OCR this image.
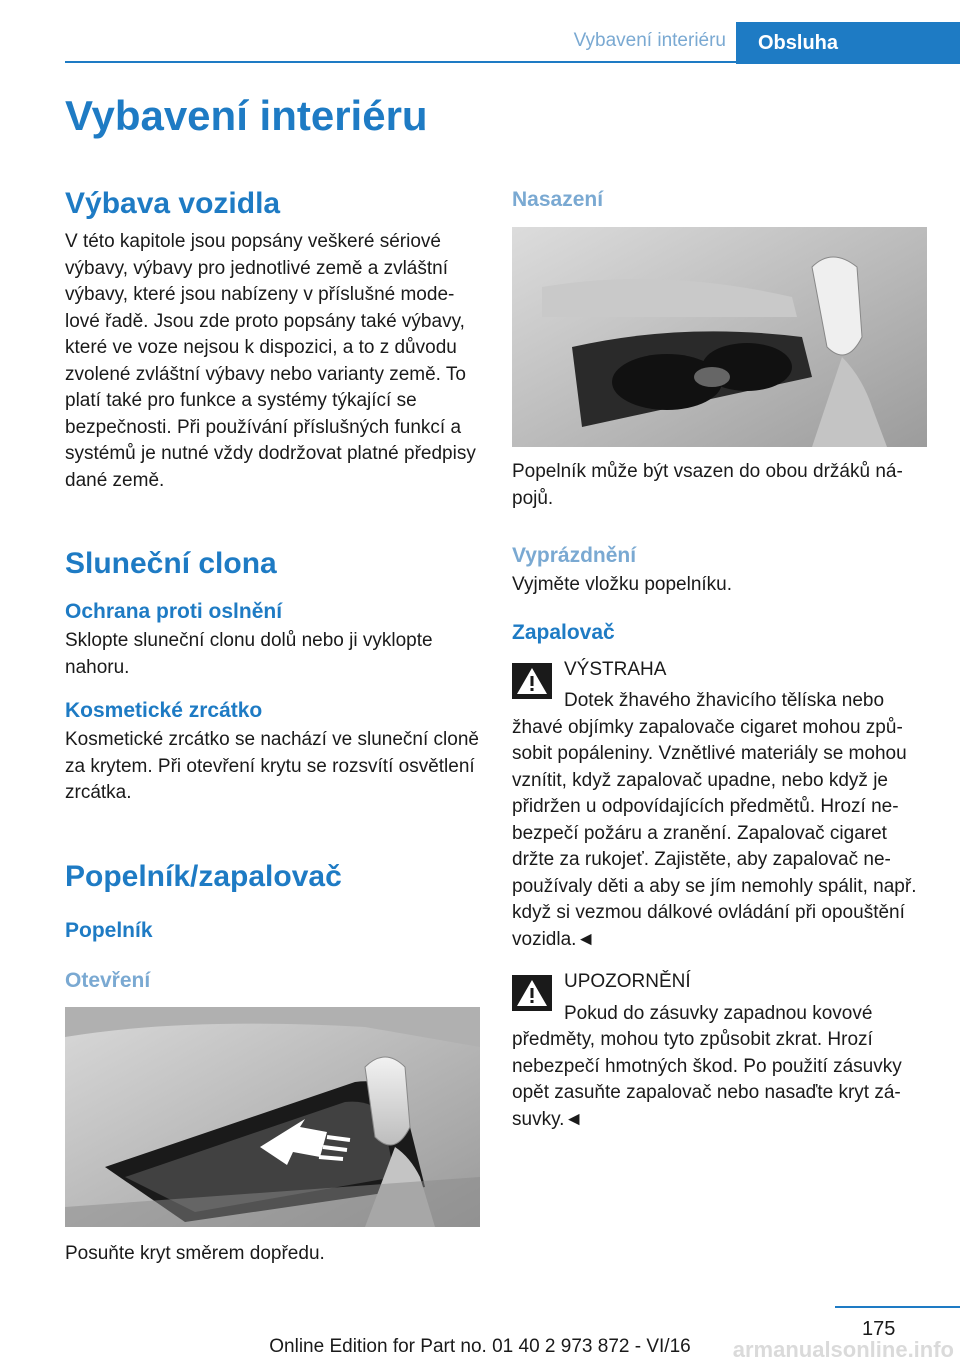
Vybavení interiéru	Obsluha
Vybavení interiéru
Výbava vozidla

V této kapitole jsou popsány veškeré sériové výbavy, výbavy pro jednotlivé země a zvláštní výbavy, které jsou nabízeny v příslušné modelové řadě. Jsou zde proto popsány také výbavy, které ve voze nejsou k dispozici, a to z důvodu zvolené zvláštní výbavy nebo varianty země. To platí také pro funkce a systémy týkající se bezpečnosti. Při používání příslušných funkcí a systémů je nutné vždy dodržovat platné předpisy dané země.

Sluneční clona
Ochrana proti oslnění

Sklopte sluneční clonu dolů nebo ji vyklopte nahoru.

Kosmetické zrcátko

Kosmetické zrcátko se nachází ve sluneční cloně za krytem. Při otevření krytu se rozsvítí osvětlení zrcátka.

Popelník/zapalovač
Popelník
Otevření

Posuňte kryt směrem dopředu.

Nasazení

Popelník může být vsazen do obou držáků nápojů.

Vyprázdnění

Vyjměte vložku popelníku.

Zapalovač

VÝSTRAHA

Dotek žhavého žhavicího tělíska nebo žhavé objímky zapalovače cigaret mohou způsobit popáleniny. Vznětlivé materiály se mohou vznítit, když zapalovač upadne, nebo když je přidržen u odpovídajících předmětů. Hrozí nebezpečí požáru a zranění. Zapalovač cigaret držte za rukojeť. Zajistěte, aby zapalovač nepoužívaly děti a aby se jím nemohly spálit, např. když si vezmou dálkové ovládání při opouštění vozidla.◄

UPOZORNĚNÍ

Pokud do zásuvky zapadnou kovové předměty, mohou tyto způsobit zkrat. Hrozí nebezpečí hmotných škod. Po použití zásuvky opět zasuňte zapalovač nebo nasaďte kryt zásuvky.◄

175
Online Edition for Part no. 01 40 2 973 872 - VI/16	armanualsonline.info
